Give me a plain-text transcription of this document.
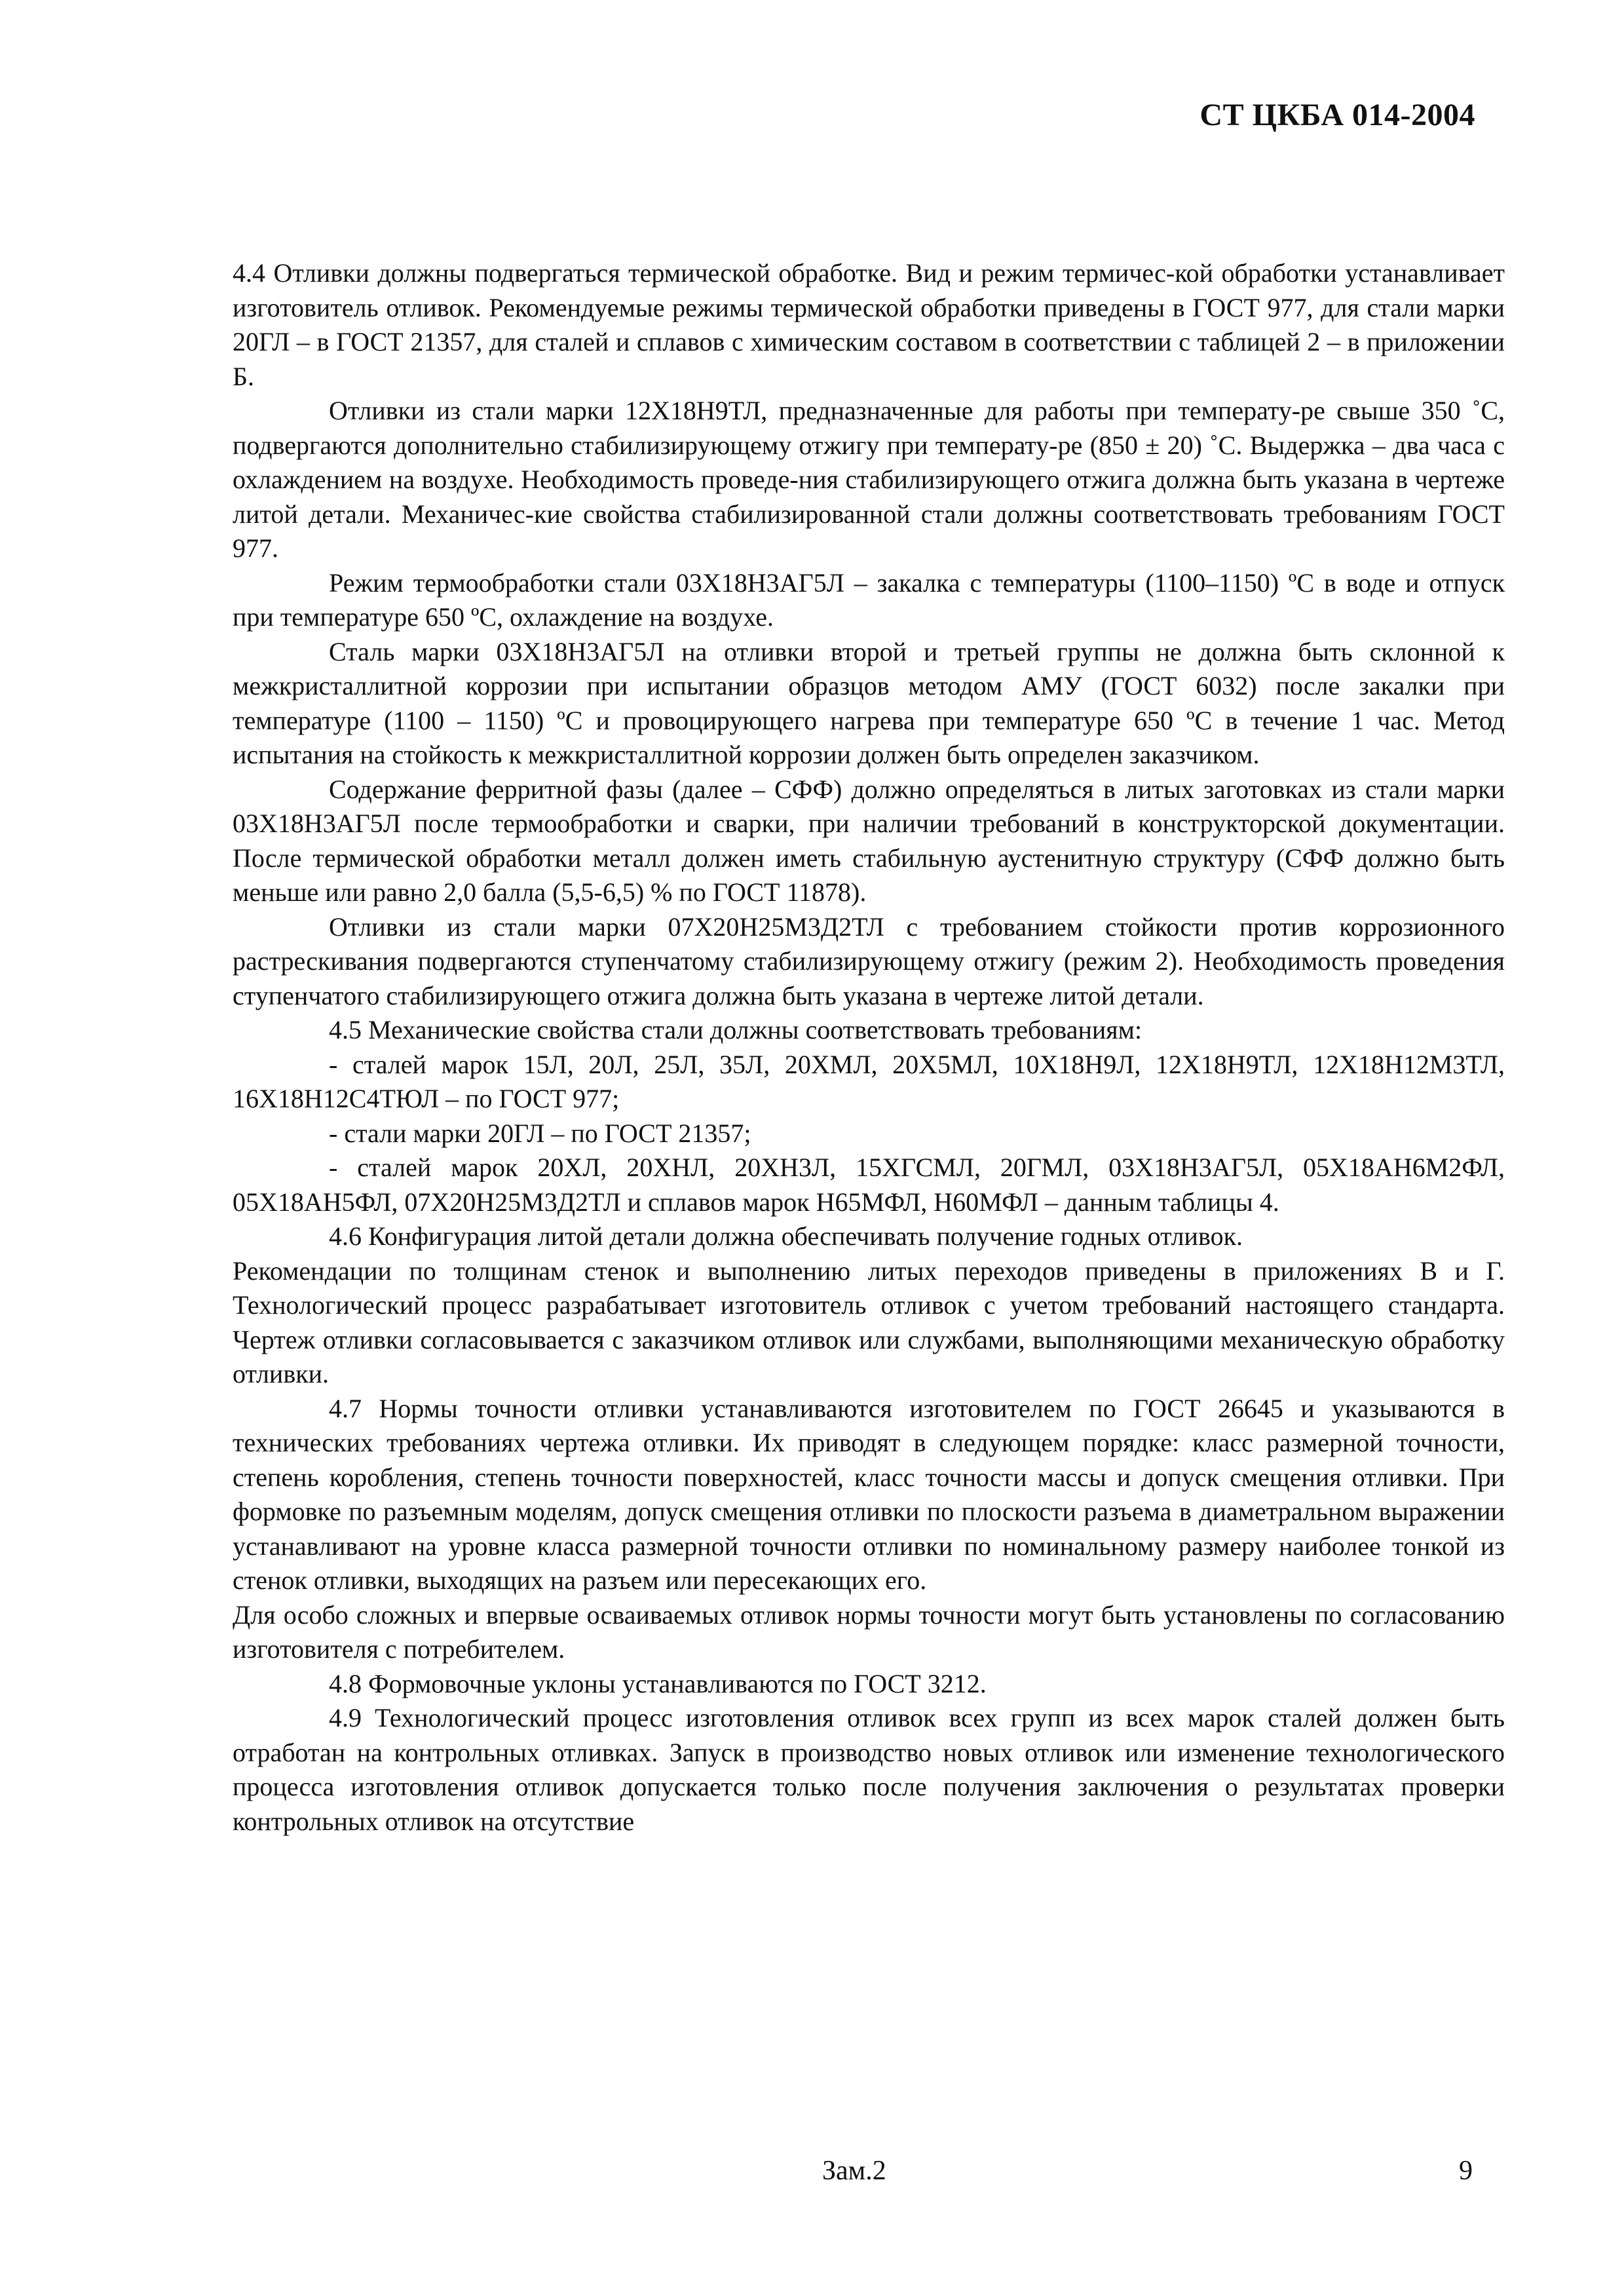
СТ ЦКБА 014-2004

4.4 Отливки должны подвергаться термической обработке. Вид и режим термичес-кой обработки устанавливает изготовитель отливок. Рекомендуемые режимы термической обработки приведены в ГОСТ 977, для стали марки 20ГЛ – в ГОСТ 21357, для сталей и сплавов с химическим составом в соответствии с таблицей 2 – в приложении Б.

Отливки из стали марки 12Х18Н9ТЛ, предназначенные для работы при температу-ре свыше 350 ˚С, подвергаются дополнительно стабилизирующему отжигу при температу-ре (850 ± 20) ˚С. Выдержка – два часа с охлаждением на воздухе. Необходимость проведе-ния стабилизирующего отжига должна быть указана в чертеже литой детали. Механичес-кие свойства стабилизированной стали должны соответствовать требованиям ГОСТ 977.

Режим термообработки стали 03Х18Н3АГ5Л – закалка с температуры (1100–1150) ºС в воде и отпуск при температуре 650 ºС, охлаждение на воздухе.

Сталь марки 03Х18Н3АГ5Л на отливки второй и третьей группы не должна быть склонной к межкристаллитной коррозии при испытании образцов методом АМУ (ГОСТ 6032) после закалки при температуре (1100 – 1150) ºС и провоцирующего нагрева при температуре 650 ºС в течение 1 час. Метод испытания на стойкость к межкристаллитной коррозии должен быть определен заказчиком.

Содержание ферритной фазы (далее – СФФ) должно определяться в литых заготовках из стали марки 03Х18Н3АГ5Л после термообработки и сварки, при наличии требований в конструкторской документации. После термической обработки металл должен иметь стабильную аустенитную структуру (СФФ должно быть меньше или равно 2,0 балла (5,5-6,5) % по ГОСТ 11878).

Отливки из стали марки 07Х20Н25М3Д2ТЛ с требованием стойкости против коррозионного растрескивания подвергаются ступенчатому стабилизирующему отжигу (режим 2). Необходимость проведения ступенчатого стабилизирующего отжига должна быть указана в чертеже литой детали.

4.5 Механические свойства стали должны соответствовать требованиям:

- сталей марок 15Л, 20Л, 25Л, 35Л, 20ХМЛ, 20Х5МЛ, 10Х18Н9Л, 12Х18Н9ТЛ, 12Х18Н12М3ТЛ, 16Х18Н12С4ТЮЛ – по ГОСТ 977;

- стали марки 20ГЛ – по ГОСТ 21357;

- сталей марок 20ХЛ, 20ХНЛ, 20ХН3Л, 15ХГСМЛ, 20ГМЛ, 03Х18Н3АГ5Л, 05Х18АН6М2ФЛ, 05Х18АН5ФЛ, 07Х20Н25М3Д2ТЛ и сплавов марок Н65МФЛ, Н60МФЛ – данным таблицы 4.

4.6 Конфигурация литой детали должна обеспечивать получение годных отливок.

Рекомендации по толщинам стенок и выполнению литых переходов приведены в приложениях В и Г. Технологический процесс разрабатывает изготовитель отливок с учетом требований настоящего стандарта. Чертеж отливки согласовывается с заказчиком отливок или службами, выполняющими механическую обработку отливки.

4.7 Нормы точности отливки устанавливаются изготовителем по ГОСТ 26645 и указываются в технических требованиях чертежа отливки. Их приводят в следующем порядке: класс размерной точности, степень коробления, степень точности поверхностей, класс точности массы и допуск смещения отливки. При формовке по разъемным моделям, допуск смещения отливки по плоскости разъема в диаметральном выражении устанавливают на уровне класса размерной точности отливки по номинальному размеру наиболее тонкой из стенок отливки, выходящих на разъем или пересекающих его.

Для особо сложных и впервые осваиваемых отливок нормы точности могут быть установлены по согласованию изготовителя с потребителем.

4.8 Формовочные уклоны устанавливаются по ГОСТ 3212.

4.9 Технологический процесс изготовления отливок всех групп из всех марок сталей должен быть отработан на контрольных отливках. Запуск в производство новых отливок или изменение технологического процесса изготовления отливок допускается только после получения заключения о результатах проверки контрольных отливок на отсутствие

Зам.2	9
